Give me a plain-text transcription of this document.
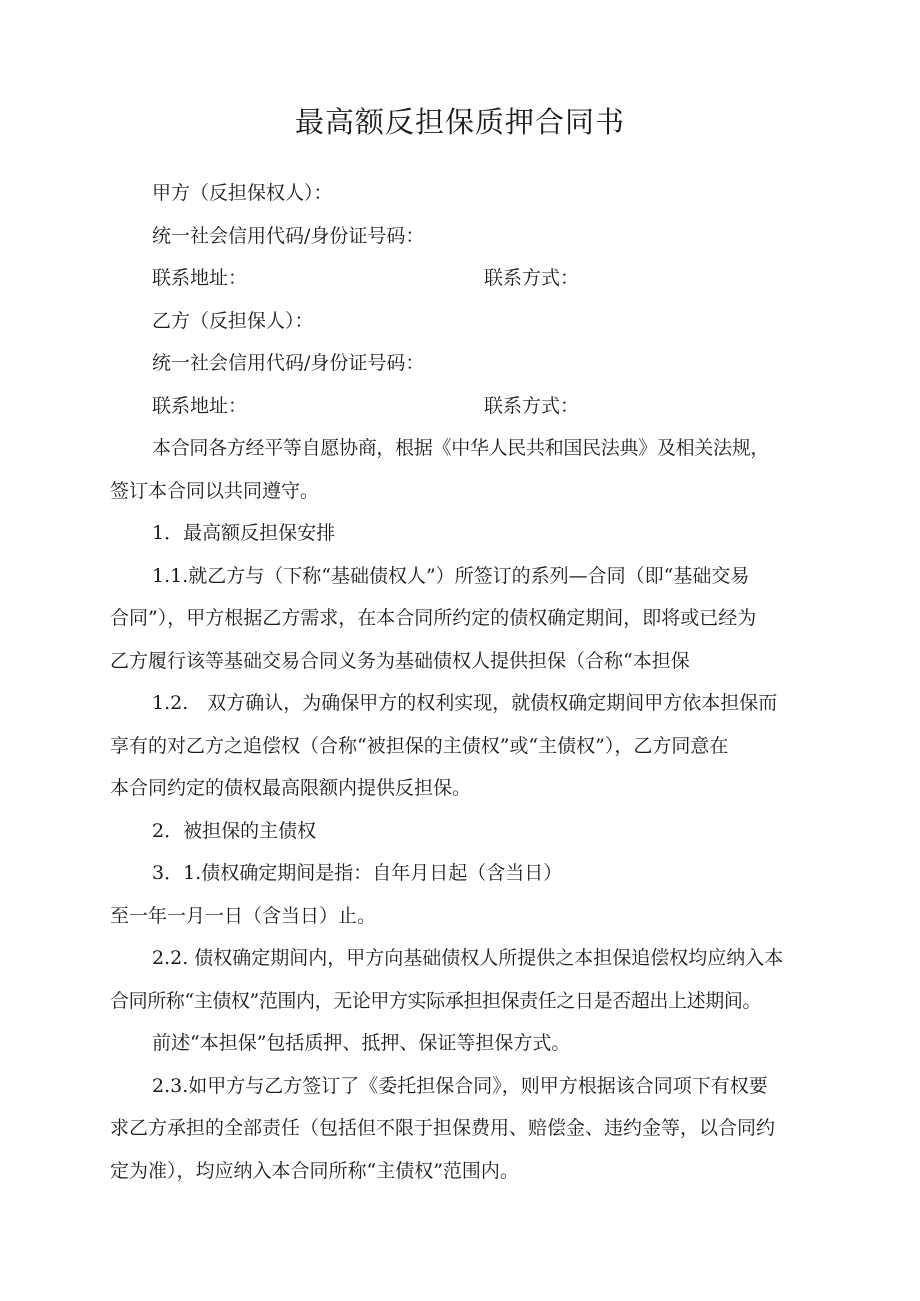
最高额反担保质押合同书

甲方（反担保权人）：

统一社会信用代码/身份证号码：

联系地址：	联系方式：

乙方（反担保人）：

统一社会信用代码/身份证号码：

联系地址：	联系方式：

本合同各方经平等自愿协商，根据《中华人民共和国民法典》及相关法规，

签订本合同以共同遵守。

1．最高额反担保安排

1.1.就乙方与（下称“基础债权人”）所签订的系列—合同（即“基础交易

合同”），甲方根据乙方需求，在本合同所约定的债权确定期间，即将或已经为

乙方履行该等基础交易合同义务为基础债权人提供担保（合称“本担保

1.2.　双方确认，为确保甲方的权利实现，就债权确定期间甲方依本担保而

享有的对乙方之追偿权（合称“被担保的主债权”或“主债权”），乙方同意在

本合同约定的债权最高限额内提供反担保。

2．被担保的主债权

3．1.债权确定期间是指：自年月日起（含当日）

至一年一月一日（含当日）止。

2.2. 债权确定期间内，甲方向基础债权人所提供之本担保追偿权均应纳入本

合同所称“主债权”范围内，无论甲方实际承担担保责任之日是否超出上述期间。

前述“本担保”包括质押、抵押、保证等担保方式。

2.3.如甲方与乙方签订了《委托担保合同》，则甲方根据该合同项下有权要

求乙方承担的全部责任（包括但不限于担保费用、赔偿金、违约金等，以合同约

定为准），均应纳入本合同所称“主债权”范围内。
